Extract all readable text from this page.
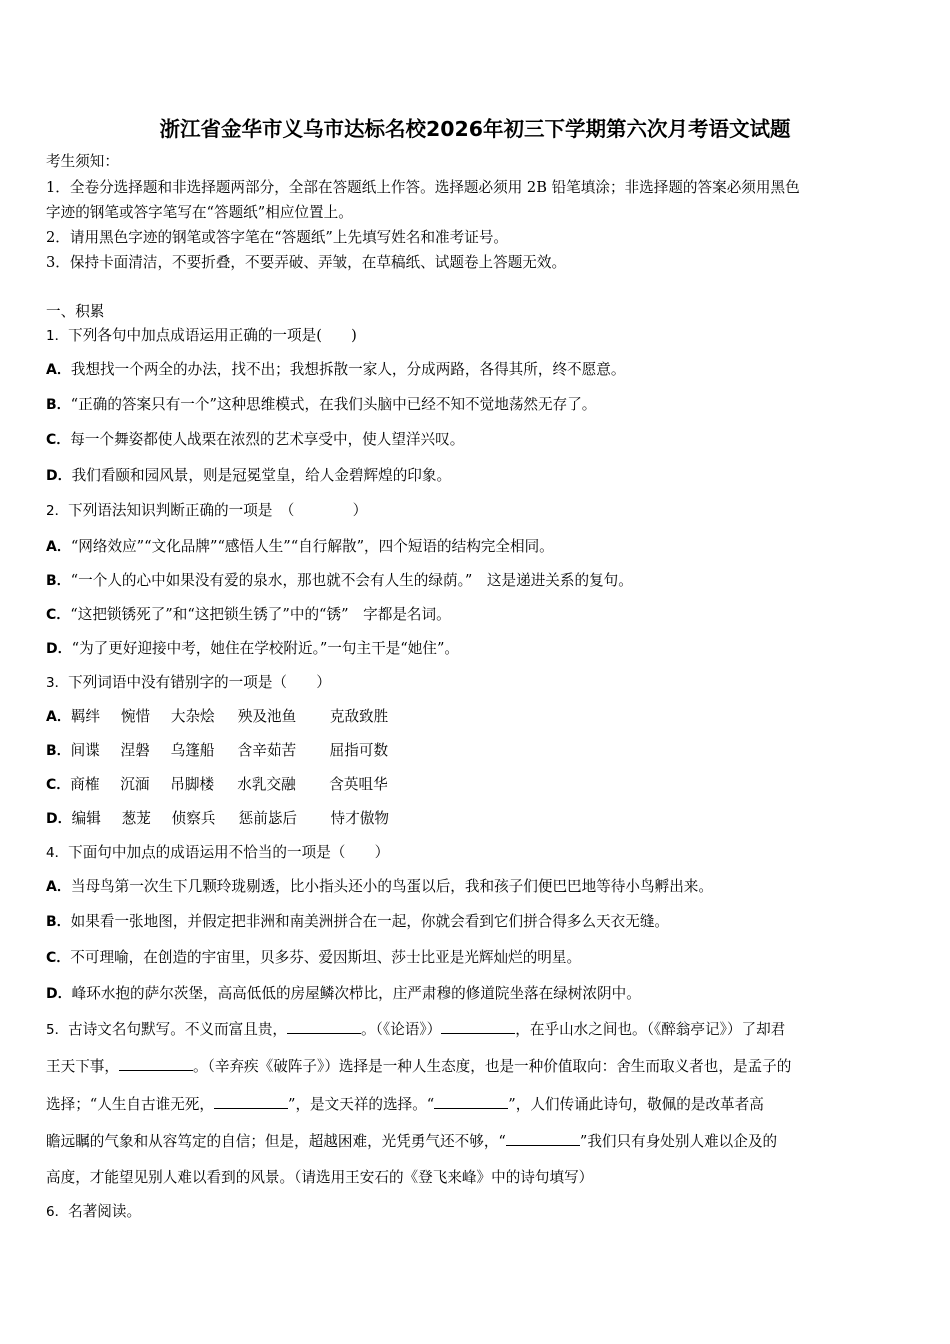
浙江省金华市义乌市达标名校2026年初三下学期第六次月考语文试题
考生须知：
1．全卷分选择题和非选择题两部分，全部在答题纸上作答。选择题必须用 2B 铅笔填涂；非选择题的答案必须用黑色
字迹的钢笔或答字笔写在“答题纸”相应位置上。
2．请用黑色字迹的钢笔或答字笔在“答题纸”上先填写姓名和准考证号。
3．保持卡面清洁，不要折叠，不要弄破、弄皱，在草稿纸、试题卷上答题无效。
一、积累
1．下列各句中加点成语运用正确的一项是(　　)
A．我想找一个两全的办法，找不出；我想拆散一家人，分成两路，各得其所，终不愿意。
B．“正确的答案只有一个”这种思维模式，在我们头脑中已经不知不觉地荡然无存了。
C．每一个舞姿都使人战栗在浓烈的艺术享受中，使人望洋兴叹。
D．我们看颐和园风景，则是冠冕堂皇，给人金碧辉煌的印象。
2．下列语法知识判断正确的一项是　（　　　　）
A．“网络效应”“文化品牌”“感悟人生”“自行解散”，四个短语的结构完全相同。
B．“一个人的心中如果没有爱的泉水，那也就不会有人生的绿荫。”　这是递进关系的复句。
C．“这把锁锈死了”和“这把锁生锈了”中的“锈”　字都是名词。
D．“为了更好迎接中考，她住在学校附近。”一句主干是“她住”。
3．下列词语中没有错别字的一项是（　　）
A．羁绊 惋惜 大杂烩 殃及池鱼 克敌致胜
B．间谍 涅磐 乌篷船 含辛茹苦 屈指可数
C．商榷 沉湎 吊脚楼 水乳交融 含英咀华
D．编辑 葱茏 侦察兵 惩前毖后 恃才傲物
4．下面句中加点的成语运用不恰当的一项是（　　）
A．当母鸟第一次生下几颗玲珑剔透，比小指头还小的鸟蛋以后，我和孩子们便巴巴地等待小鸟孵出来。
B．如果看一张地图，并假定把非洲和南美洲拼合在一起，你就会看到它们拼合得多么天衣无缝。
C．不可理喻，在创造的宇宙里，贝多芬、爱因斯坦、莎士比亚是光辉灿烂的明星。
D．峰环水抱的萨尔茨堡，高高低低的房屋鳞次栉比，庄严肃穆的修道院坐落在绿树浓阴中。
5．古诗文名句默写。不义而富且贵，	。（《论语》）	，在乎山水之间也。（《醉翁亭记》）了却君
王天下事，	。（辛弃疾《破阵子》）选择是一种人生态度，也是一种价值取向：舍生而取义者也，是孟子的
选择；“人生自古谁无死，	”，是文天祥的选择。“	”，人们传诵此诗句，敬佩的是改革者高
瞻远瞩的气象和从容笃定的自信；但是，超越困难，光凭勇气还不够，“	”我们只有身处别人难以企及的
高度，才能望见别人难以看到的风景。（请选用王安石的《登飞来峰》中的诗句填写）
6．名著阅读。
